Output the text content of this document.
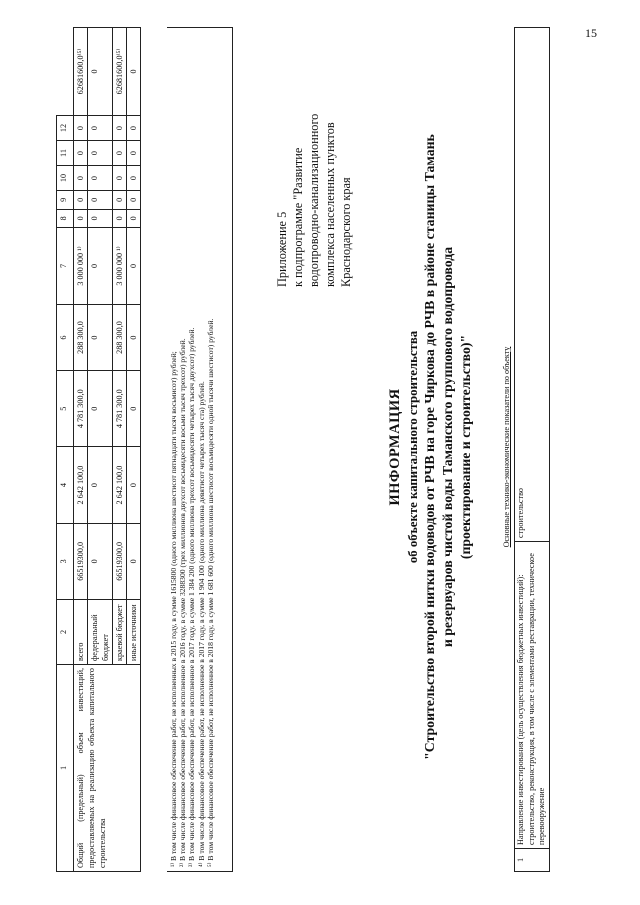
15
1	2	3	4	5	6	7	8	9	10	11	12	
Общий (предельный) объем инвестиций, предоставляемых на реализацию объекта капитального строительства	всего	66519300,0	2 642 100,0	4 781 300,0	288 300,0	3 000 000 ¹⁾	0	0	0	0	0	62681600,0⁽⁵⁾
	федеральный бюджет	0	0	0	0	0	0	0	0	0	0	0
	краевой бюджет	66519300,0	2 642 100,0	4 781 300,0	288 300,0	3 000 000 ¹⁾	0	0	0	0	0	62681600,0⁽⁵⁾
	иные источники	0	0	0	0	0	0	0	0	0	0	0
¹⁾ В том числе финансовое обеспечение работ, не исполненных в 2015 году, в сумме 1615800 (одного миллиона шестисот пятнадцати тысяч восьмисот) рублей; ²⁾ В том числе финансовое обеспечение работ, не исполненное в 2016 году, в сумме 3288300 (трех миллионов двухсот восьмидесяти восьми тысяч трехсот) рублей. ³⁾ В том числе финансовое обеспечение работ, не исполненное в 2017 году, в сумме 1 384 200 (одного миллиона трехсот восьмидесяти четырех тысяч двухсот) рублей. ⁴⁾ В том числе финансовое обеспечение работ, не исполненное в 2017 году, в сумме 1 904 100 (одного миллиона девятисот четырех тысяч ста) рублей. ⁵⁾ В том числе финансовое обеспечение работ, не исполненное в 2018 году, в сумме 1 681 600 (одного миллиона шестисот восьмидесяти одной тысячи шестисот) рублей.
Приложение 5 к подпрограмме "Развитие водопроводно-канализационного комплекса населенных пунктов Краснодарского края
ИНФОРМАЦИЯ об объекте капитального строительства "Строительство второй нитки водоводов от РЧВ на горе Чиркова до РЧВ в районе станицы Тамань и резервуаров чистой воды Таманского группового водопровода (проектирование и строительство)"	Основные технико-экономические показатели по объекту
1	Направление инвестирования (цель осуществления бюджетных инвестиций): строительство, реконструкция, в том числе с элементами реставрации, техническое перевооружение	строительство
